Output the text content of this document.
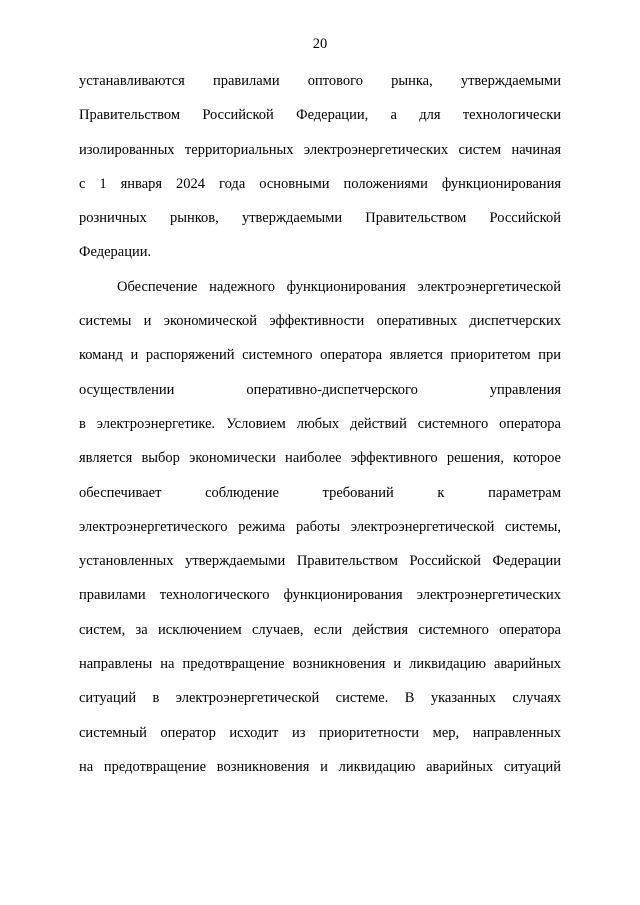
20
устанавливаются правилами оптового рынка, утверждаемыми
Правительством Российской Федерации, а для технологически
изолированных территориальных электроэнергетических систем начиная
с 1 января 2024 года основными положениями функционирования
розничных рынков, утверждаемыми Правительством Российской
Федерации.
Обеспечение надежного функционирования электроэнергетической
системы и экономической эффективности оперативных диспетчерских
команд и распоряжений системного оператора является приоритетом при
осуществлении оперативно-диспетчерского управления
в электроэнергетике. Условием любых действий системного оператора
является выбор экономически наиболее эффективного решения, которое
обеспечивает соблюдение требований к параметрам
электроэнергетического режима работы электроэнергетической системы,
установленных утверждаемыми Правительством Российской Федерации
правилами технологического функционирования электроэнергетических
систем, за исключением случаев, если действия системного оператора
направлены на предотвращение возникновения и ликвидацию аварийных
ситуаций в электроэнергетической системе. В указанных случаях
системный оператор исходит из приоритетности мер, направленных
на предотвращение возникновения и ликвидацию аварийных ситуаций
